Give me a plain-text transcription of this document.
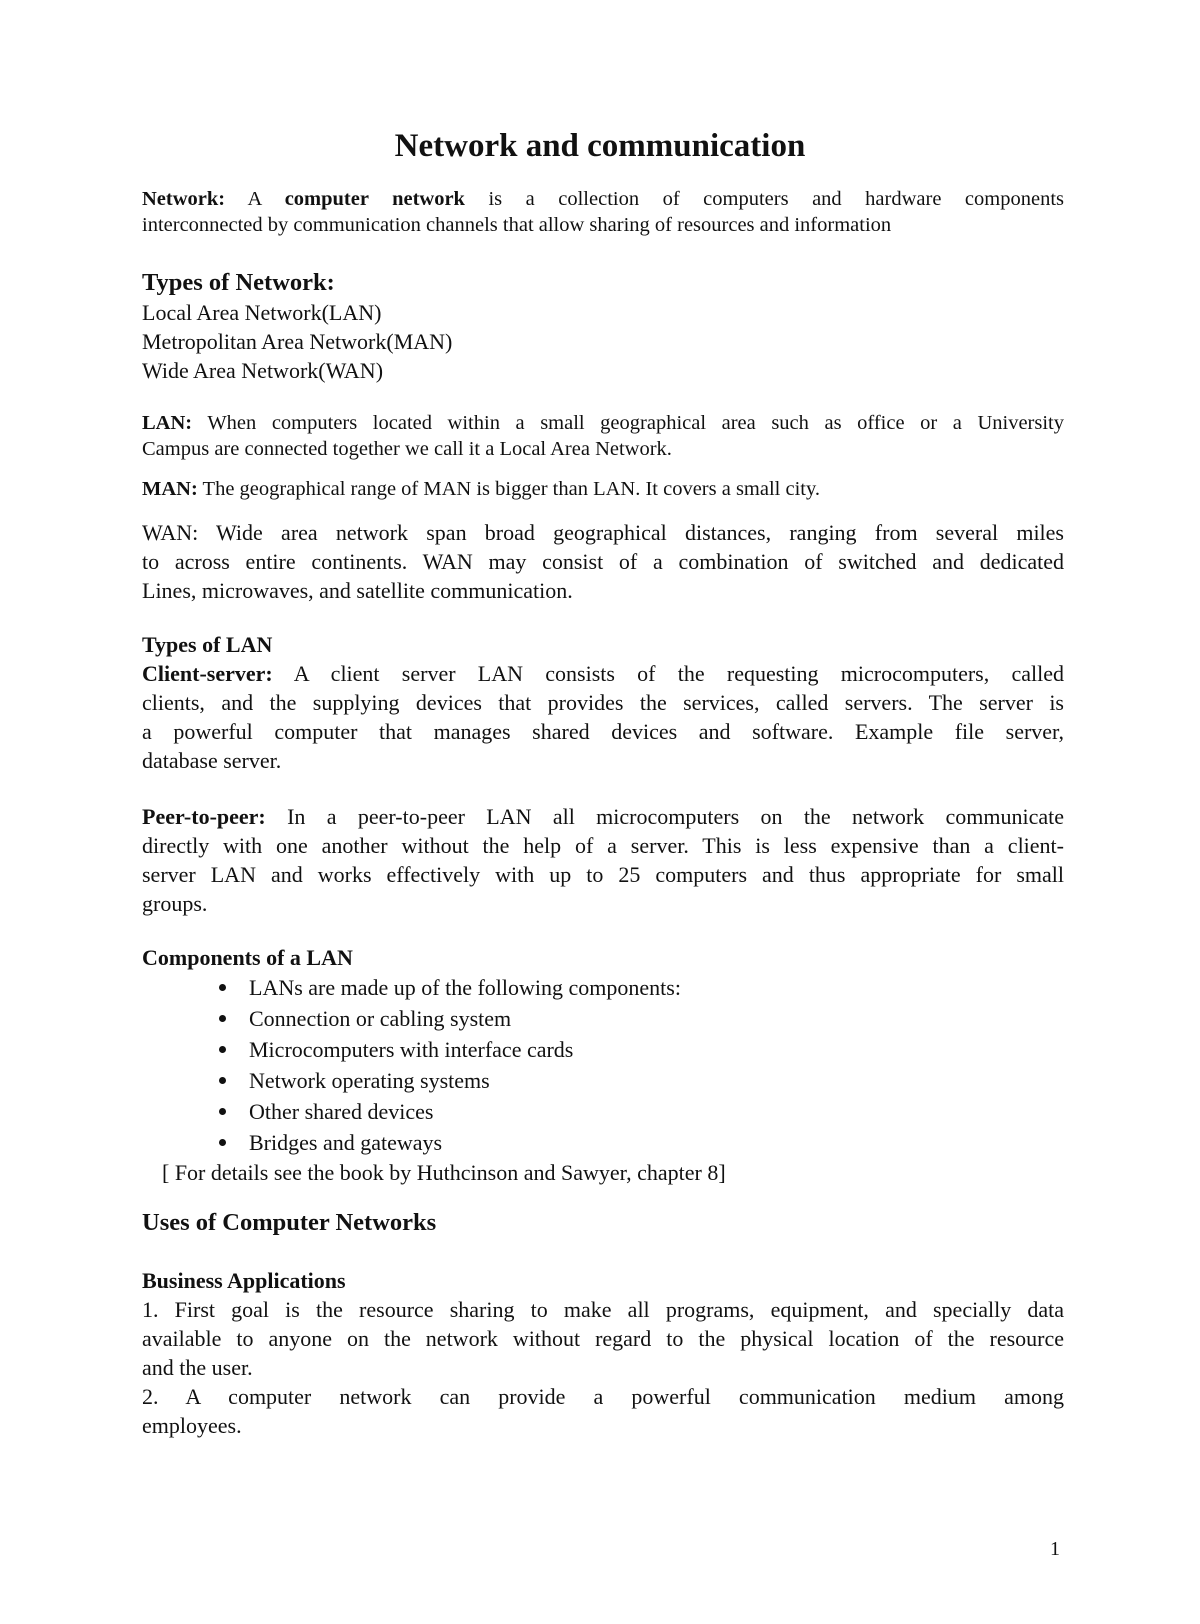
Network and communication

Network: A computer network is a collection of computers and hardware components

interconnected by communication channels that allow sharing of resources and information

Types of Network:

Local Area Network(LAN)

Metropolitan Area Network(MAN)

Wide Area Network(WAN)

LAN: When computers located within a small geographical area such as office or a University

Campus are connected together we call it a Local Area Network.

MAN: The geographical range of MAN is bigger than LAN. It covers a small city.

WAN: Wide area network span broad geographical distances, ranging from several miles

to across entire continents. WAN may consist of a combination of switched and dedicated

Lines, microwaves, and satellite communication.

Types of LAN

Client-server: A client server LAN consists of the requesting microcomputers, called

clients, and the supplying devices that provides the services, called servers. The server is

a powerful computer that manages shared devices and software. Example file server,

database server.

Peer-to-peer: In a peer-to-peer LAN all microcomputers on the network communicate

directly with one another without the help of a server. This is less expensive than a client-

server LAN and works effectively with up to 25 computers and thus appropriate for small

groups.

Components of a LAN

LANs are made up of the following components:
Connection or cabling system
Microcomputers with interface cards
Network operating systems
Other shared devices
Bridges and gateways

[ For details see the book by Huthcinson and Sawyer, chapter 8]

Uses of Computer Networks

Business Applications

1. First goal is the resource sharing to make all programs, equipment, and specially data

available to anyone on the network without regard to the physical location of the resource

and the user.

2. A computer network can provide a powerful communication medium among

employees.

1
